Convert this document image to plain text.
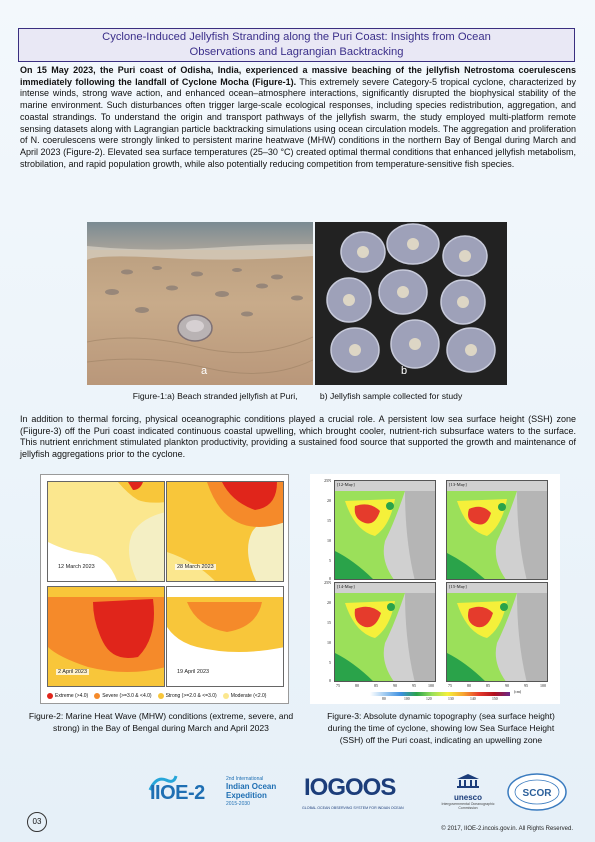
Cyclone-Induced Jellyfish Stranding along the Puri Coast: Insights from Ocean
Observations and Lagrangian Backtracking
On 15 May 2023, the Puri coast of Odisha, India, experienced a massive beaching of the jellyfish Netrostoma coerulescens immediately following the landfall of Cyclone Mocha (Figure-1). This extremely severe Category-5 tropical cyclone, characterized by intense winds, strong wave action, and enhanced ocean–atmosphere interactions, significantly disrupted the biophysical stability of the marine environment. Such disturbances often trigger large-scale ecological responses, including species redistribution, aggregation, and coastal strandings. To understand the origin and transport pathways of the jellyfish swarm, the study employed multi-platform remote sensing datasets along with Lagrangian particle backtracking simulations using ocean circulation models. The aggregation and proliferation of N. coerulescens were strongly linked to persistent marine heatwave (MHW) conditions in the northern Bay of Bengal during March and April 2023 (Figure-2). Elevated sea surface temperatures (25–30 °C) created optimal thermal conditions that enhanced jellyfish metabolism, strobilation, and rapid population growth, while also potentially reducing competition from temperature-sensitive fish species.
a	b
Figure-1:a) Beach stranded jellyfish at Puri,	b) Jellyfish sample collected for study
In addition to thermal forcing, physical oceanographic conditions played a crucial role. A persistent low sea surface height (SSH) zone (Fiigure-3) off the Puri coast indicated continuous coastal upwelling, which brought cooler, nutrient-rich subsurface waters to the surface. This nutrient enrichment stimulated plankton productivity, providing a sustained food source that supported the growth and maintenance of jellyfish aggregations prior to the cyclone.
12 March 2023	28 March 2023
2 April 2023	19 April 2023
Extreme (>4.0)	Severe (>=3.0 & <4.0)	Strong (>=2.0 & <=3.0)	Moderate (<2.0)
Figure-2: Marine Heat Wave (MHW) conditions (extreme, severe, and strong) in the Bay of Bengal during March and April 2023
[12-May]	[13-May]
[14-May]	[15-May]
25N
20
15
10
5
0
25N
20
15
10
5
0
75	80	85	90	95	100	75	80	85	90	95	100
80	100	120	130	140	150
(cm)
Figure-3: Absolute dynamic topography (sea surface height) during the time of cyclone, showing low Sea Surface Height (SSH) off the Puri coast, indicating an upwelling zone
IIOE-2
2nd International
Indian Ocean
Expedition
2015-2030
IOGOOS
GLOBAL OCEAN OBSERVING SYSTEM FOR INDIAN OCEAN
unesco
Intergovernmental Oceanographic Commission
SCOR
03
© 2017, IIOE-2.incois.gov.in. All Rights Reserved.
